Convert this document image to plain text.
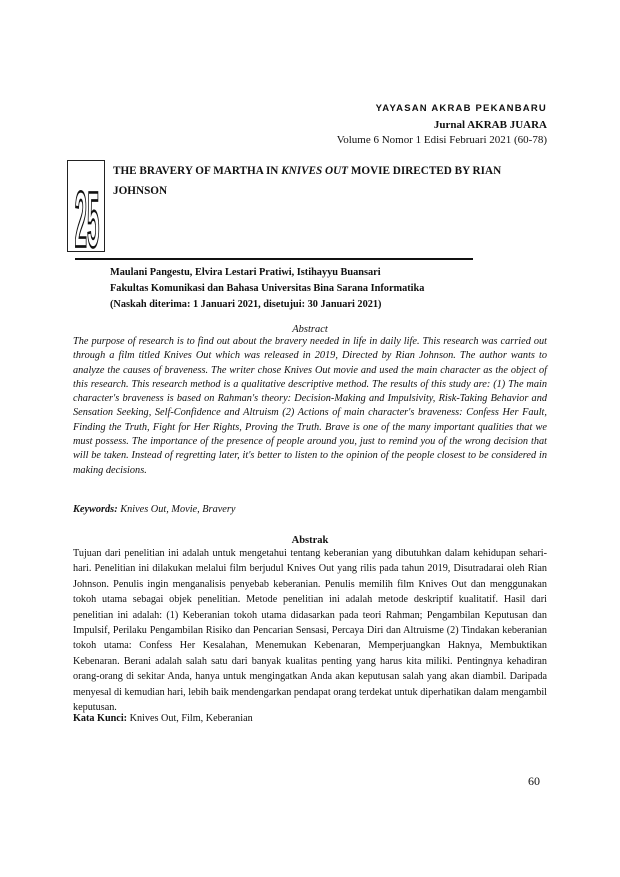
YAYASAN AKRAB PEKANBARU
Jurnal AKRAB JUARA
Volume 6 Nomor 1 Edisi Februari 2021 (60-78)
25
THE BRAVERY OF MARTHA IN KNIVES OUT MOVIE DIRECTED BY RIAN JOHNSON
Maulani Pangestu, Elvira Lestari Pratiwi, Istihayyu Buansari
Fakultas Komunikasi dan Bahasa Universitas Bina Sarana Informatika
(Naskah diterima: 1 Januari 2021, disetujui: 30 Januari 2021)
Abstract
The purpose of research is to find out about the bravery needed in life in daily life. This research was carried out through a film titled Knives Out which was released in 2019, Directed by Rian Johnson. The author wants to analyze the causes of braveness. The writer chose Knives Out movie and used the main character as the object of this research. This research method is a qualitative descriptive method. The results of this study are: (1) The main character's braveness is based on Rahman's theory: Decision-Making and Impulsivity, Risk-Taking Behavior and Sensation Seeking, Self-Confidence and Altruism (2) Actions of main character's braveness: Confess Her Fault, Finding the Truth, Fight for Her Rights, Proving the Truth. Brave is one of the many important qualities that we must possess. The importance of the presence of people around you, just to remind you of the wrong decision that will be taken. Instead of regretting later, it's better to listen to the opinion of the people closest to be considered in making decisions.
Keywords: Knives Out, Movie, Bravery
Abstrak
Tujuan dari penelitian ini adalah untuk mengetahui tentang keberanian yang dibutuhkan dalam kehidupan sehari-hari. Penelitian ini dilakukan melalui film berjudul Knives Out yang rilis pada tahun 2019, Disutradarai oleh Rian Johnson. Penulis ingin menganalisis penyebab keberanian. Penulis memilih film Knives Out dan menggunakan tokoh utama sebagai objek penelitian. Metode penelitian ini adalah metode deskriptif kualitatif. Hasil dari penelitian ini adalah: (1) Keberanian tokoh utama didasarkan pada teori Rahman; Pengambilan Keputusan dan Impulsif, Perilaku Pengambilan Risiko dan Pencarian Sensasi, Percaya Diri dan Altruisme (2) Tindakan keberanian tokoh utama: Confess Her Kesalahan, Menemukan Kebenaran, Memperjuangkan Haknya, Membuktikan Kebenaran. Berani adalah salah satu dari banyak kualitas penting yang harus kita miliki. Pentingnya kehadiran orang-orang di sekitar Anda, hanya untuk mengingatkan Anda akan keputusan salah yang akan diambil. Daripada menyesal di kemudian hari, lebih baik mendengarkan pendapat orang terdekat untuk diperhatikan dalam mengambil keputusan.
Kata Kunci: Knives Out, Film, Keberanian
60
